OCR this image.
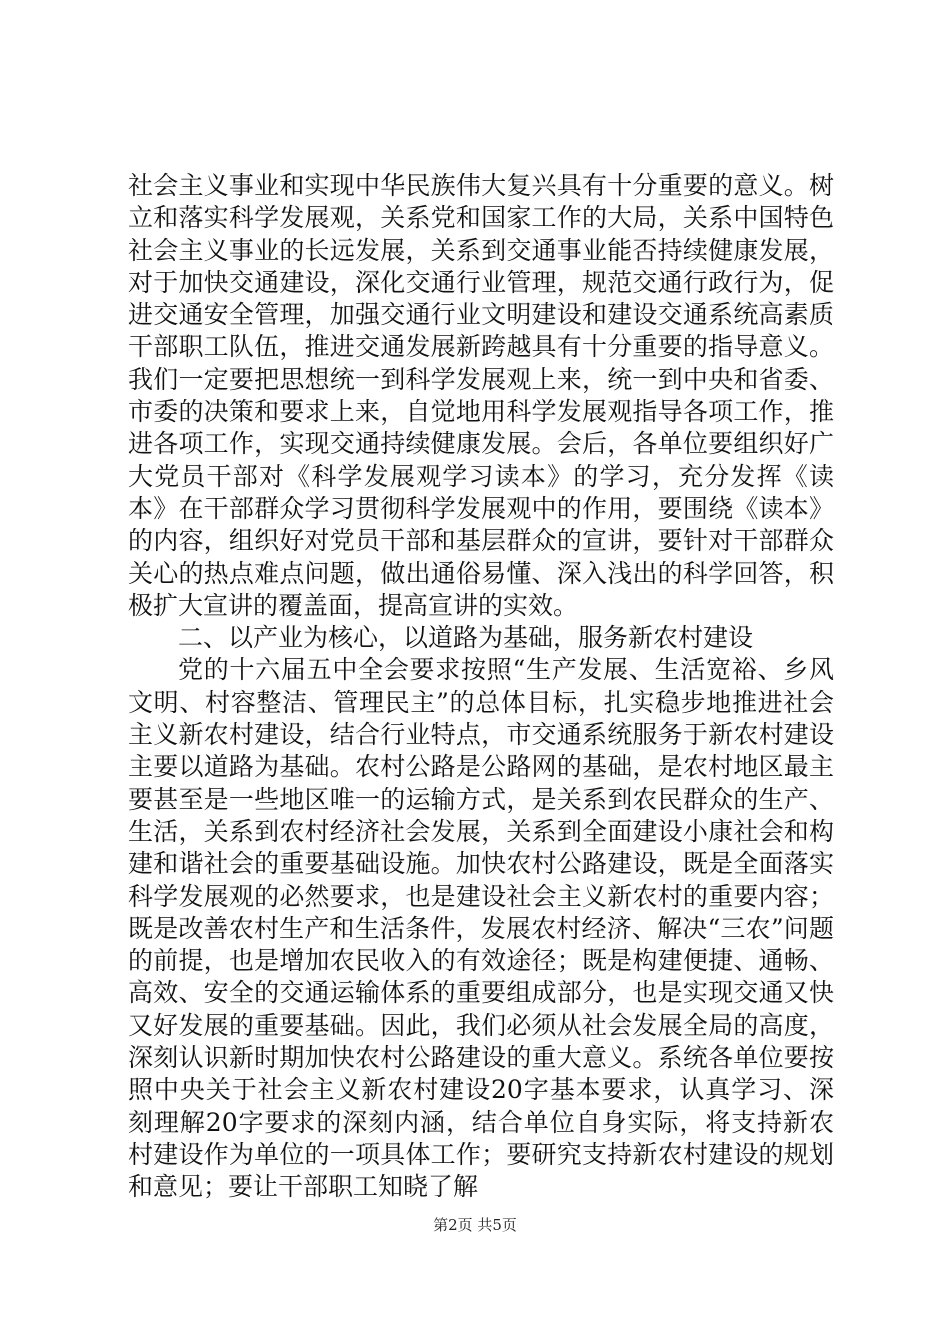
社会主义事业和实现中华民族伟大复兴具有十分重要的意义。树立和落实科学发展观，关系党和国家工作的大局，关系中国特色社会主义事业的长远发展，关系到交通事业能否持续健康发展，对于加快交通建设，深化交通行业管理，规范交通行政行为，促进交通安全管理，加强交通行业文明建设和建设交通系统高素质干部职工队伍，推进交通发展新跨越具有十分重要的指导意义。我们一定要把思想统一到科学发展观上来，统一到中央和省委、市委的决策和要求上来，自觉地用科学发展观指导各项工作，推进各项工作，实现交通持续健康发展。会后，各单位要组织好广大党员干部对《科学发展观学习读本》的学习，充分发挥《读本》在干部群众学习贯彻科学发展观中的作用，要围绕《读本》的内容，组织好对党员干部和基层群众的宣讲，要针对干部群众关心的热点难点问题，做出通俗易懂、深入浅出的科学回答，积极扩大宣讲的覆盖面，提高宣讲的实效。

二、以产业为核心，以道路为基础，服务新农村建设

党的十六届五中全会要求按照“生产发展、生活宽裕、乡风文明、村容整洁、管理民主”的总体目标，扎实稳步地推进社会主义新农村建设，结合行业特点，市交通系统服务于新农村建设主要以道路为基础。农村公路是公路网的基础，是农村地区最主要甚至是一些地区唯一的运输方式，是关系到农民群众的生产、生活，关系到农村经济社会发展，关系到全面建设小康社会和构建和谐社会的重要基础设施。加快农村公路建设，既是全面落实科学发展观的必然要求，也是建设社会主义新农村的重要内容；既是改善农村生产和生活条件，发展农村经济、解决“三农”问题的前提，也是增加农民收入的有效途径；既是构建便捷、通畅、高效、安全的交通运输体系的重要组成部分，也是实现交通又快又好发展的重要基础。因此，我们必须从社会发展全局的高度，深刻认识新时期加快农村公路建设的重大意义。系统各单位要按照中央关于社会主义新农村建设20字基本要求，认真学习、深刻理解20字要求的深刻内涵，结合单位自身实际，将支持新农村建设作为单位的一项具体工作；要研究支持新农村建设的规划和意见；要让干部职工知晓了解

第2页 共5页
